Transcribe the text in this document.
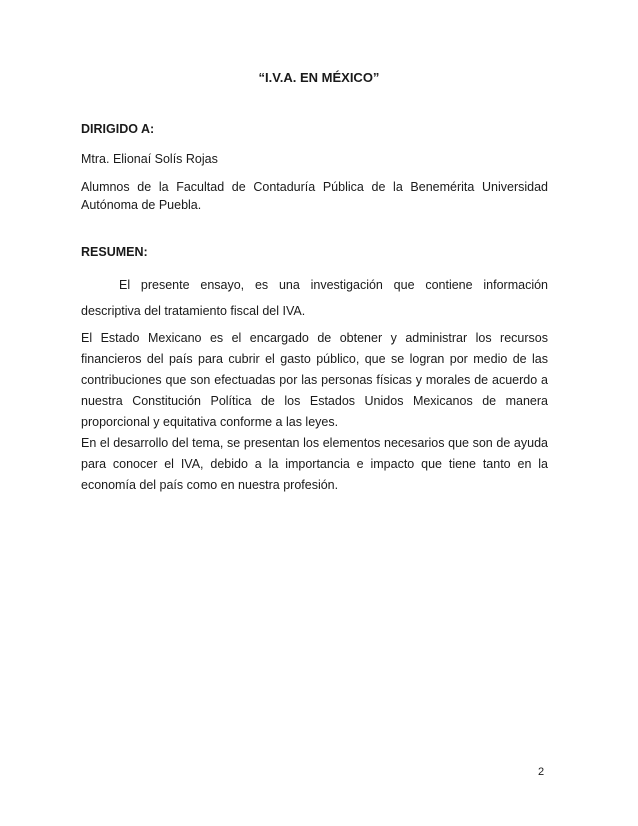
“I.V.A. EN MÉXICO”
DIRIGIDO A:
Mtra. Elionaí Solís Rojas
Alumnos de la Facultad de Contaduría Pública de la Benemérita Universidad Autónoma de Puebla.
RESUMEN:
El presente ensayo, es una investigación que contiene información descriptiva del tratamiento fiscal del IVA.
El Estado Mexicano es el encargado de obtener y administrar los recursos financieros del país para cubrir el gasto público, que se logran por medio de las contribuciones que son efectuadas por las personas físicas y morales de acuerdo a nuestra Constitución Política de los Estados Unidos Mexicanos de manera proporcional y equitativa conforme a las leyes.
En el desarrollo del tema, se presentan los elementos necesarios que son de ayuda para conocer el IVA, debido a la importancia e impacto que tiene tanto en la economía del país como en nuestra profesión.
2
